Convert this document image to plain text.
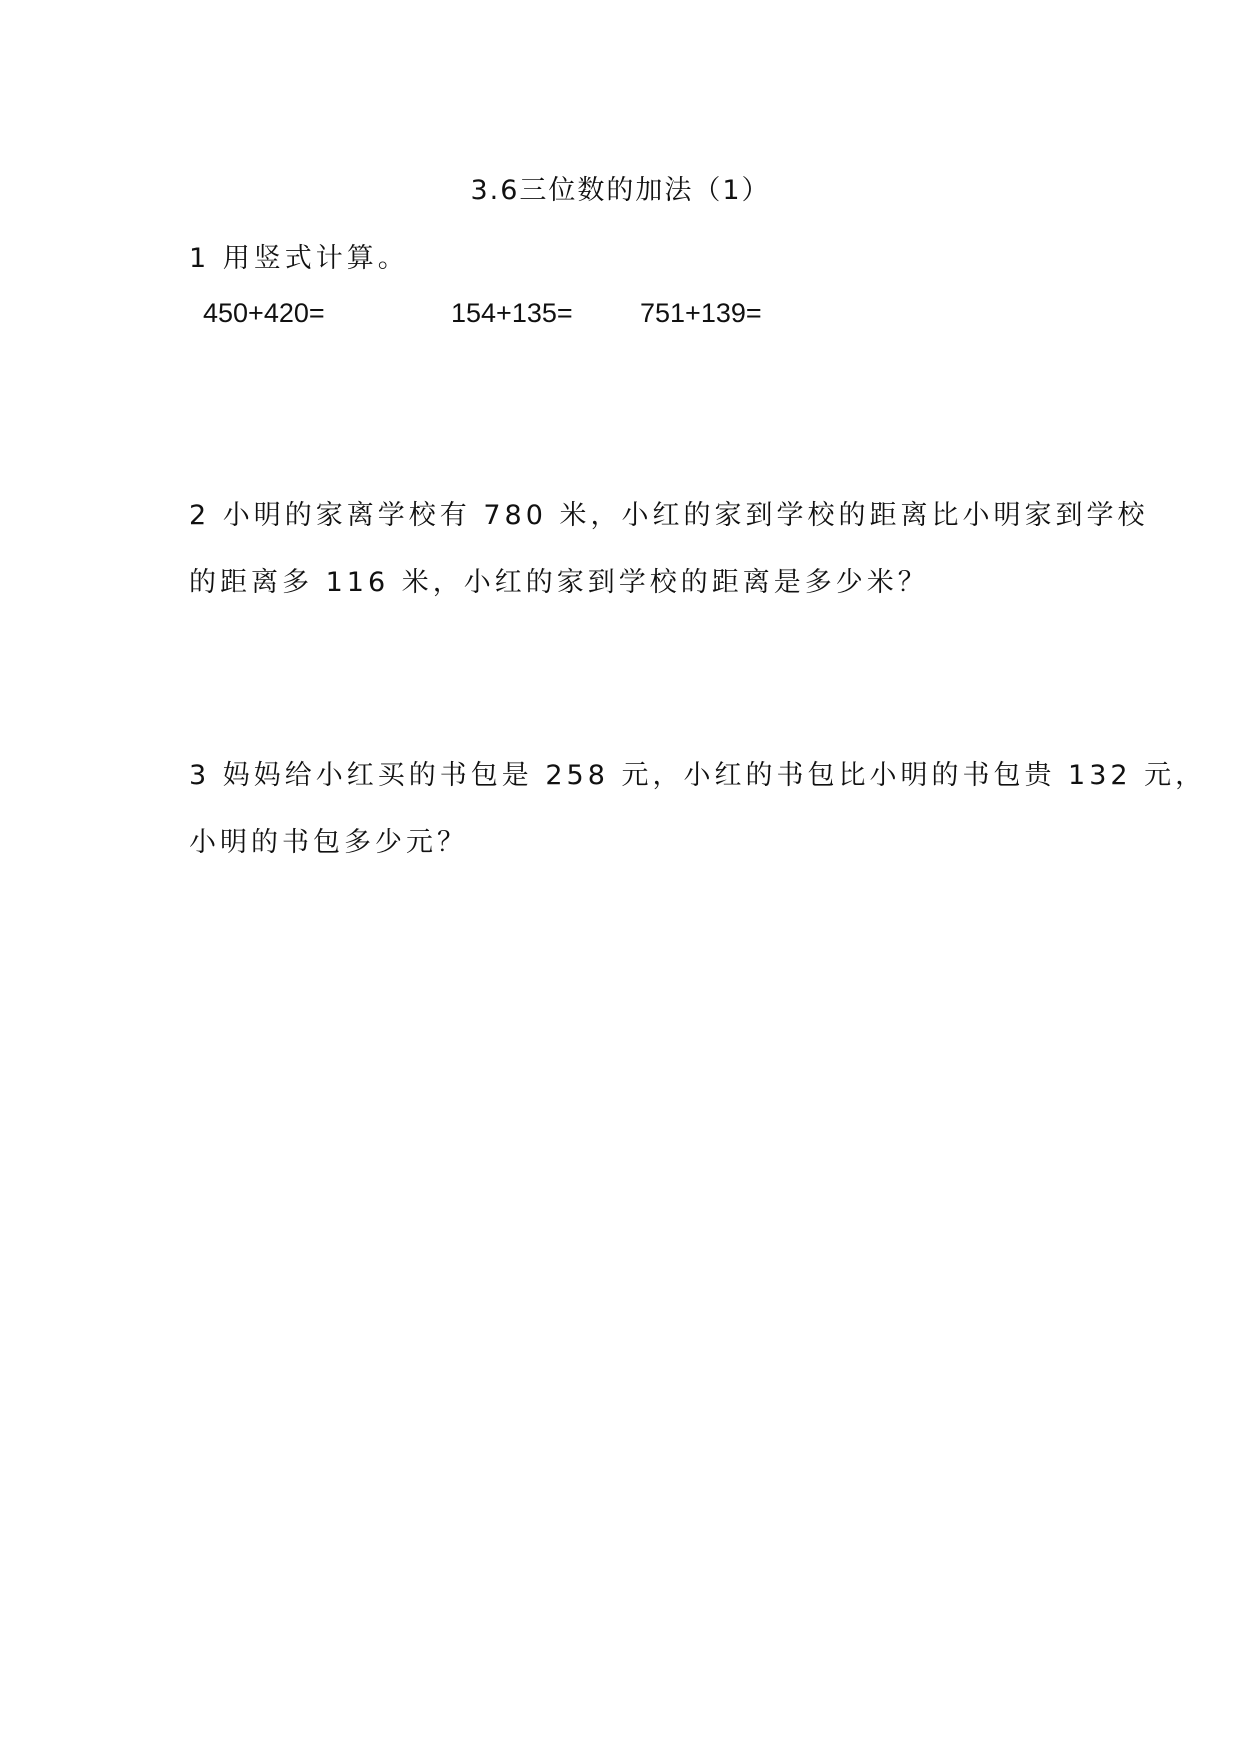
3.6三位数的加法（1）
1 用竖式计算。
450+420=	154+135= 751+139=
2 小明的家离学校有 780 米，小红的家到学校的距离比小明家到学校
的距离多 116 米，小红的家到学校的距离是多少米？
3 妈妈给小红买的书包是 258 元，小红的书包比小明的书包贵 132 元，
小明的书包多少元？
